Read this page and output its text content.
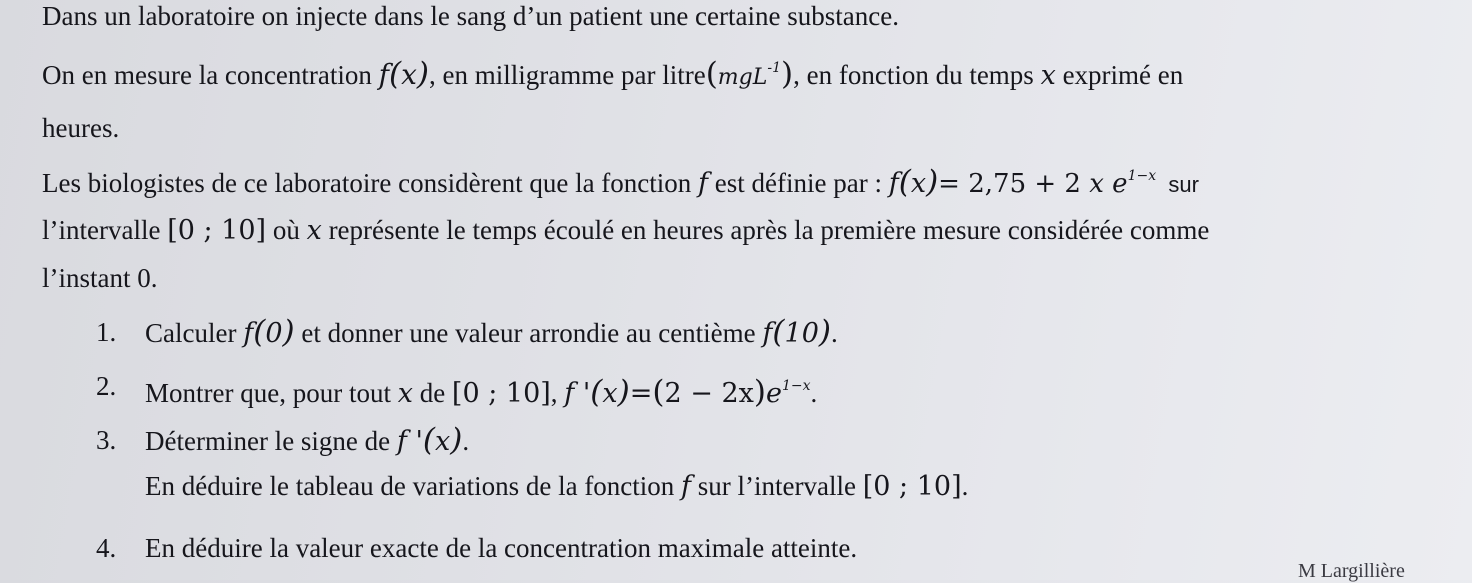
Dans un laboratoire on injecte dans le sang d’un patient une certaine substance.
On en mesure la concentration f(x), en milligramme par litre(mgL$^{-1}$), en fonction du temps x exprimé en
heures.
Les biologistes de ce laboratoire considèrent que la fonction f est définie par : f(x)= 2,75 + 2 x $e^{1-x}$ sur
l’intervalle [0 ; 10] où x représente le temps écoulé en heures après la première mesure considérée comme
l’instant 0.
1. Calculer f(0) et donner une valeur arrondie au centième f(10).
2. Montrer que, pour tout x de [0 ; 10], f '$(x)=(2 - 2x)e^{1-x}$.
3. Déterminer le signe de f '(x).
En déduire le tableau de variations de la fonction f sur l’intervalle [0 ; 10].
4. En déduire la valeur exacte de la concentration maximale atteinte.
M Largillière
